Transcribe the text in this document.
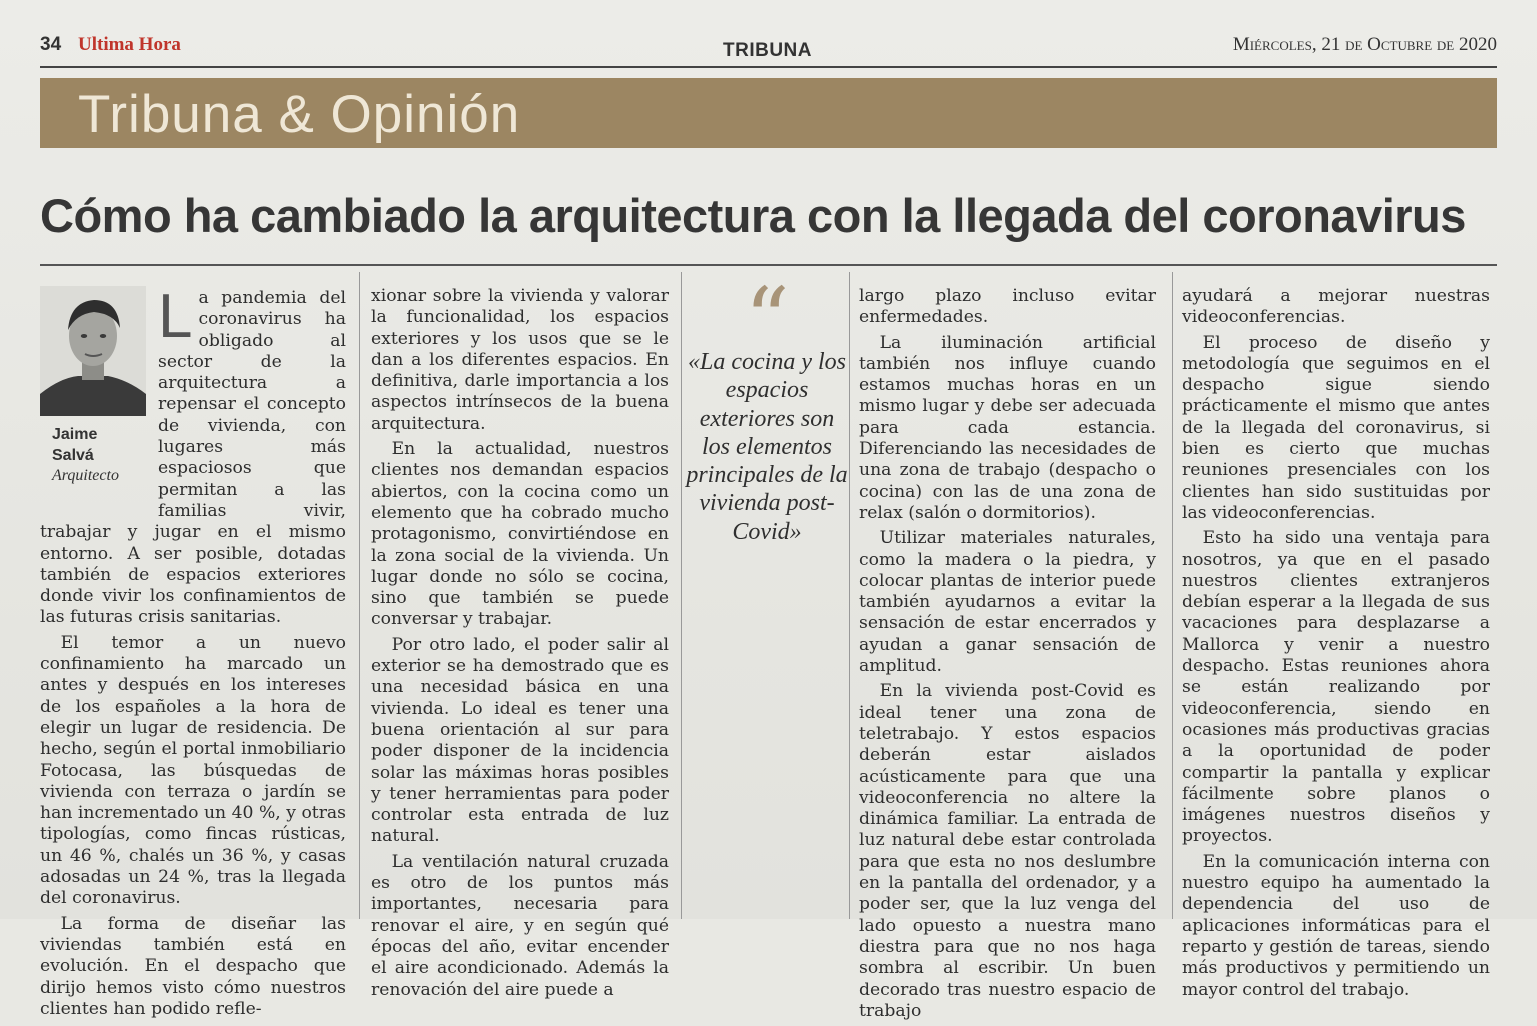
34 Ultima Hora	TRIBUNA	Miércoles, 21 de Octubre de 2020
Tribuna & Opinión
Cómo ha cambiado la arquitectura con la llegada del coronavirus
Jaime
Salvá
Arquitecto

La pandemia del coronavirus ha obligado al sector de la arquitectura a repensar el concepto de vivienda, con lugares más espaciosos que permitan a las familias vivir, trabajar y jugar en el mismo entorno. A ser posible, dotadas también de espacios exteriores donde vivir los confinamientos de las futuras crisis sanitarias.

El temor a un nuevo confinamiento ha marcado un antes y después en los intereses de los españoles a la hora de elegir un lugar de residencia. De hecho, según el portal inmobiliario Fotocasa, las búsquedas de vivienda con terraza o jardín se han incrementado un 40 %, y otras tipologías, como fincas rústicas, un 46 %, chalés un 36 %, y casas adosadas un 24 %, tras la llegada del coronavirus.

La forma de diseñar las viviendas también está en evolución. En el despacho que dirijo hemos visto cómo nuestros clientes han podido refle-

xionar sobre la vivienda y valorar la funcionalidad, los espacios exteriores y los usos que se le dan a los diferentes espacios. En definitiva, darle importancia a los aspectos intrínsecos de la buena arquitectura.

En la actualidad, nuestros clientes nos demandan espacios abiertos, con la cocina como un elemento que ha cobrado mucho protagonismo, convirtiéndose en la zona social de la vivienda. Un lugar donde no sólo se cocina, sino que también se puede conversar y trabajar.

Por otro lado, el poder salir al exterior se ha demostrado que es una necesidad básica en una vivienda. Lo ideal es tener una buena orientación al sur para poder disponer de la incidencia solar las máximas horas posibles y tener herramientas para poder controlar esta entrada de luz natural.

La ventilación natural cruzada es otro de los puntos más importantes, necesaria para renovar el aire, y en según qué épocas del año, evitar encender el aire acondicionado. Además la renovación del aire puede a

“
«La cocina y los espacios exteriores son los elementos principales de la vivienda post-Covid»

largo plazo incluso evitar enfermedades.

La iluminación artificial también nos influye cuando estamos muchas horas en un mismo lugar y debe ser adecuada para cada estancia. Diferenciando las necesidades de una zona de trabajo (despacho o cocina) con las de una zona de relax (salón o dormitorios).

Utilizar materiales naturales, como la madera o la piedra, y colocar plantas de interior puede también ayudarnos a evitar la sensación de estar encerrados y ayudan a ganar sensación de amplitud.

En la vivienda post-Covid es ideal tener una zona de teletrabajo. Y estos espacios deberán estar aislados acústicamente para que una videoconferencia no altere la dinámica familiar. La entrada de luz natural debe estar controlada para que esta no nos deslumbre en la pantalla del ordenador, y a poder ser, que la luz venga del lado opuesto a nuestra mano diestra para que no nos haga sombra al escribir. Un buen decorado tras nuestro espacio de trabajo

ayudará a mejorar nuestras videoconferencias.

El proceso de diseño y metodología que seguimos en el despacho sigue siendo prácticamente el mismo que antes de la llegada del coronavirus, si bien es cierto que muchas reuniones presenciales con los clientes han sido sustituidas por las videoconferencias.

Esto ha sido una ventaja para nosotros, ya que en el pasado nuestros clientes extranjeros debían esperar a la llegada de sus vacaciones para desplazarse a Mallorca y venir a nuestro despacho. Estas reuniones ahora se están realizando por videoconferencia, siendo en ocasiones más productivas gracias a la oportunidad de poder compartir la pantalla y explicar fácilmente sobre planos o imágenes nuestros diseños y proyectos.

En la comunicación interna con nuestro equipo ha aumentado la dependencia del uso de aplicaciones informáticas para el reparto y gestión de tareas, siendo más productivos y permitiendo un mayor control del trabajo.
